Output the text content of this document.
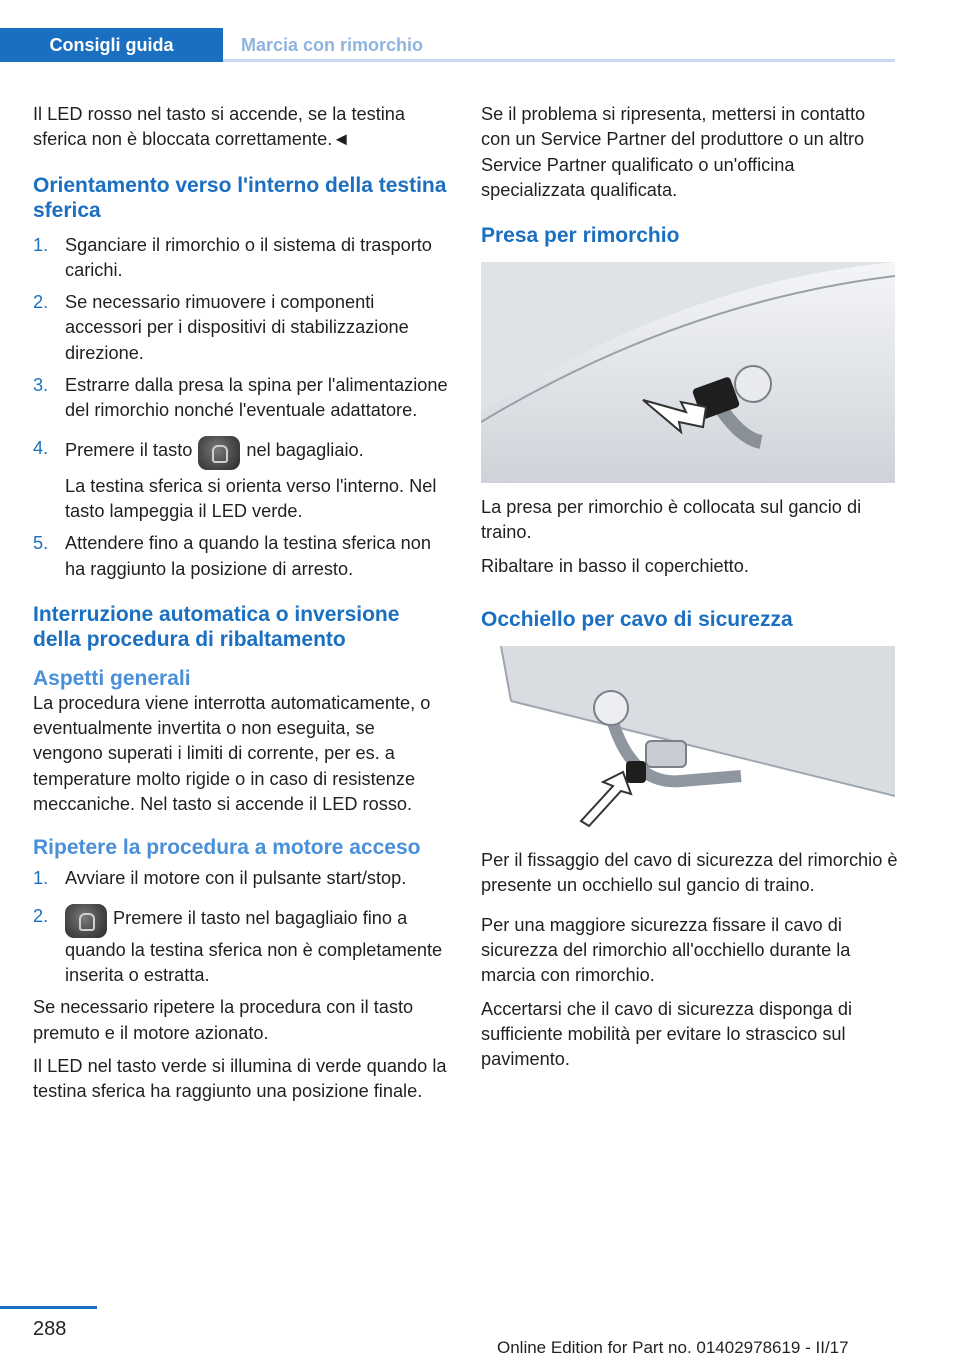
Consigli guida	Marcia con rimorchio

Il LED rosso nel tasto si accende, se la testina sferica non è bloccata correttamente.◄

Orientamento verso l'interno della testina sferica
1. Sganciare il rimorchio o il sistema di trasporto carichi.
2. Se necessario rimuovere i componenti accessori per i dispositivi di stabilizzazione direzione.
3. Estrarre dalla presa la spina per l'alimentazione del rimorchio nonché l'eventuale adattatore.
4. Premere il tasto	nel bagagliaio.
La testina sferica si orienta verso l'interno. Nel tasto lampeggia il LED verde.
5. Attendere fino a quando la testina sferica non ha raggiunto la posizione di arresto.
Interruzione automatica o inversione della procedura di ribaltamento
Aspetti generali

La procedura viene interrotta automaticamente, o eventualmente invertita o non eseguita, se vengono superati i limiti di corrente, per es. a temperature molto rigide o in caso di resistenze meccaniche. Nel tasto si accende il LED rosso.

Ripetere la procedura a motore acceso
1. Avviare il motore con il pulsante start/stop.
2.	Premere il tasto nel bagagliaio fino a quando la testina sferica non è completamente inserita o estratta.

Se necessario ripetere la procedura con il tasto premuto e il motore azionato.

Il LED nel tasto verde si illumina di verde quando la testina sferica ha raggiunto una posizione finale.

Se il problema si ripresenta, mettersi in contatto con un Service Partner del produttore o un altro Service Partner qualificato o un'officina specializzata qualificata.

Presa per rimorchio

La presa per rimorchio è collocata sul gancio di traino.

Ribaltare in basso il coperchietto.

Occhiello per cavo di sicurezza

Per il fissaggio del cavo di sicurezza del rimorchio è presente un occhiello sul gancio di traino.

Per una maggiore sicurezza fissare il cavo di sicurezza del rimorchio all'occhiello durante la marcia con rimorchio.

Accertarsi che il cavo di sicurezza disponga di sufficiente mobilità per evitare lo strascico sul pavimento.

288
Online Edition for Part no. 01402978619 - II/17
